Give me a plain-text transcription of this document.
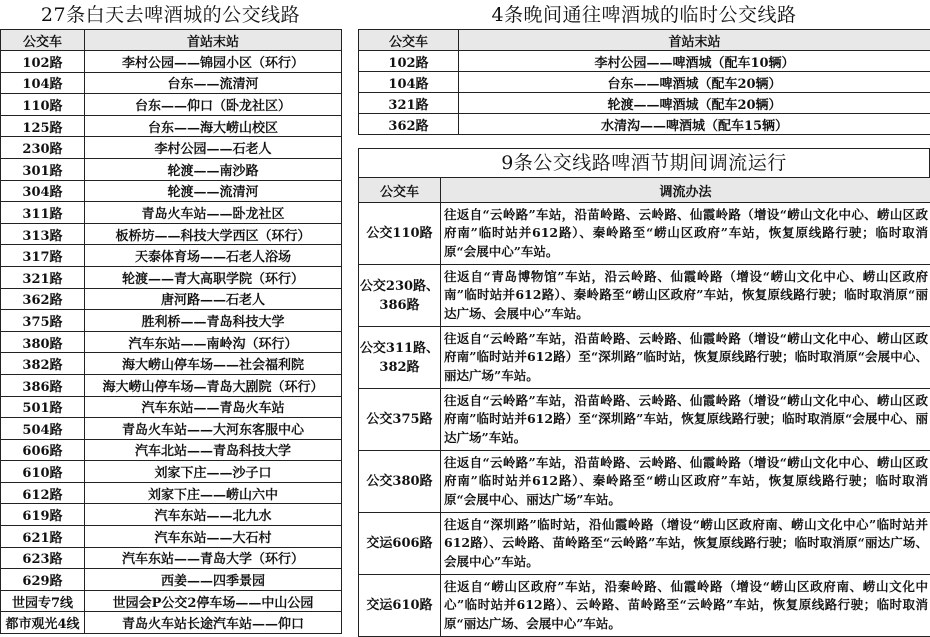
27条白天去啤酒城的公交线路
公交车	首站末站
102路	李村公园——锦园小区（环行）
104路	台东——流清河
110路	台东——仰口（卧龙社区）
125路	台东——海大崂山校区
230路	李村公园——石老人
301路	轮渡——南沙路
304路	轮渡——流清河
311路	青岛火车站——卧龙社区
313路	板桥坊——科技大学西区（环行）
317路	天泰体育场——石老人浴场
321路	轮渡——青大高职学院（环行）
362路	唐河路——石老人
375路	胜利桥——青岛科技大学
380路	汽车东站——南岭沟（环行）
382路	海大崂山停车场——社会福利院
386路	海大崂山停车场—青岛大剧院（环行）
501路	汽车东站——青岛火车站
504路	青岛火车站——大河东客服中心
606路	汽车北站——青岛科技大学
610路	刘家下庄——沙子口
612路	刘家下庄——崂山六中
619路	汽车东站——北九水
621路	汽车东站——大石村
623路	汽车东站——青岛大学（环行）
629路	西姜——四季景园
世园专7线	世园会P公交2停车场——中山公园
都市观光4线	青岛火车站长途汽车站——仰口
4条晚间通往啤酒城的临时公交线路
公交车	首站末站
102路	李村公园——啤酒城（配车10辆）
104路	台东——啤酒城（配车20辆）
321路	轮渡——啤酒城（配车20辆）
362路	水清沟——啤酒城（配车15辆）
9条公交线路啤酒节期间调流运行
公交车	调流办法
公交110路	往返自“云岭路”车站，沿苗岭路、云岭路、仙霞岭路（增设“崂山文化中心、崂山区政府南”临时站并612路）、秦岭路至“崂山区政府”车站，恢复原线路行驶；临时取消原“会展中心”车站。
公交230路、386路	往返自“青岛博物馆”车站，沿云岭路、仙霞岭路（增设“崂山文化中心、崂山区政府南”临时站并612路）、秦岭路至“崂山区政府”车站，恢复原线路行驶；临时取消原“丽达广场、会展中心”车站。
公交311路、382路	往返自“云岭路”车站，沿苗岭路、云岭路、仙霞岭路（增设“崂山文化中心、崂山区政府南”临时站并612路）至“深圳路”临时站，恢复原线路行驶；临时取消原“会展中心、丽达广场”车站。
公交375路	往返自“云岭路”车站，沿苗岭路、云岭路、仙霞岭路（增设“崂山文化中心、崂山区政府南”临时站并612路）至“深圳路”车站，恢复原线路行驶；临时取消原“会展中心、丽达广场”车站。
公交380路	往返自“云岭路”车站，沿苗岭路、云岭路、仙霞岭路（增设“崂山文化中心、崂山区政府南”临时站并612路）、秦岭路至“崂山区政府”车站，恢复原线路行驶；临时取消原“会展中心、丽达广场”车站。
交运606路	往返自“深圳路”临时站，沿仙霞岭路（增设“崂山区政府南、崂山文化中心”临时站并612路）、云岭路、苗岭路至“云岭路”车站，恢复原线路行驶；临时取消原“丽达广场、会展中心”车站。
交运610路	往返自“崂山区政府”车站，沿秦岭路、仙霞岭路（增设“崂山区政府南、崂山文化中心”临时站并612路）、云岭路、苗岭路至“云岭路”车站，恢复原线路行驶；临时取消原“丽达广场、会展中心”车站。
